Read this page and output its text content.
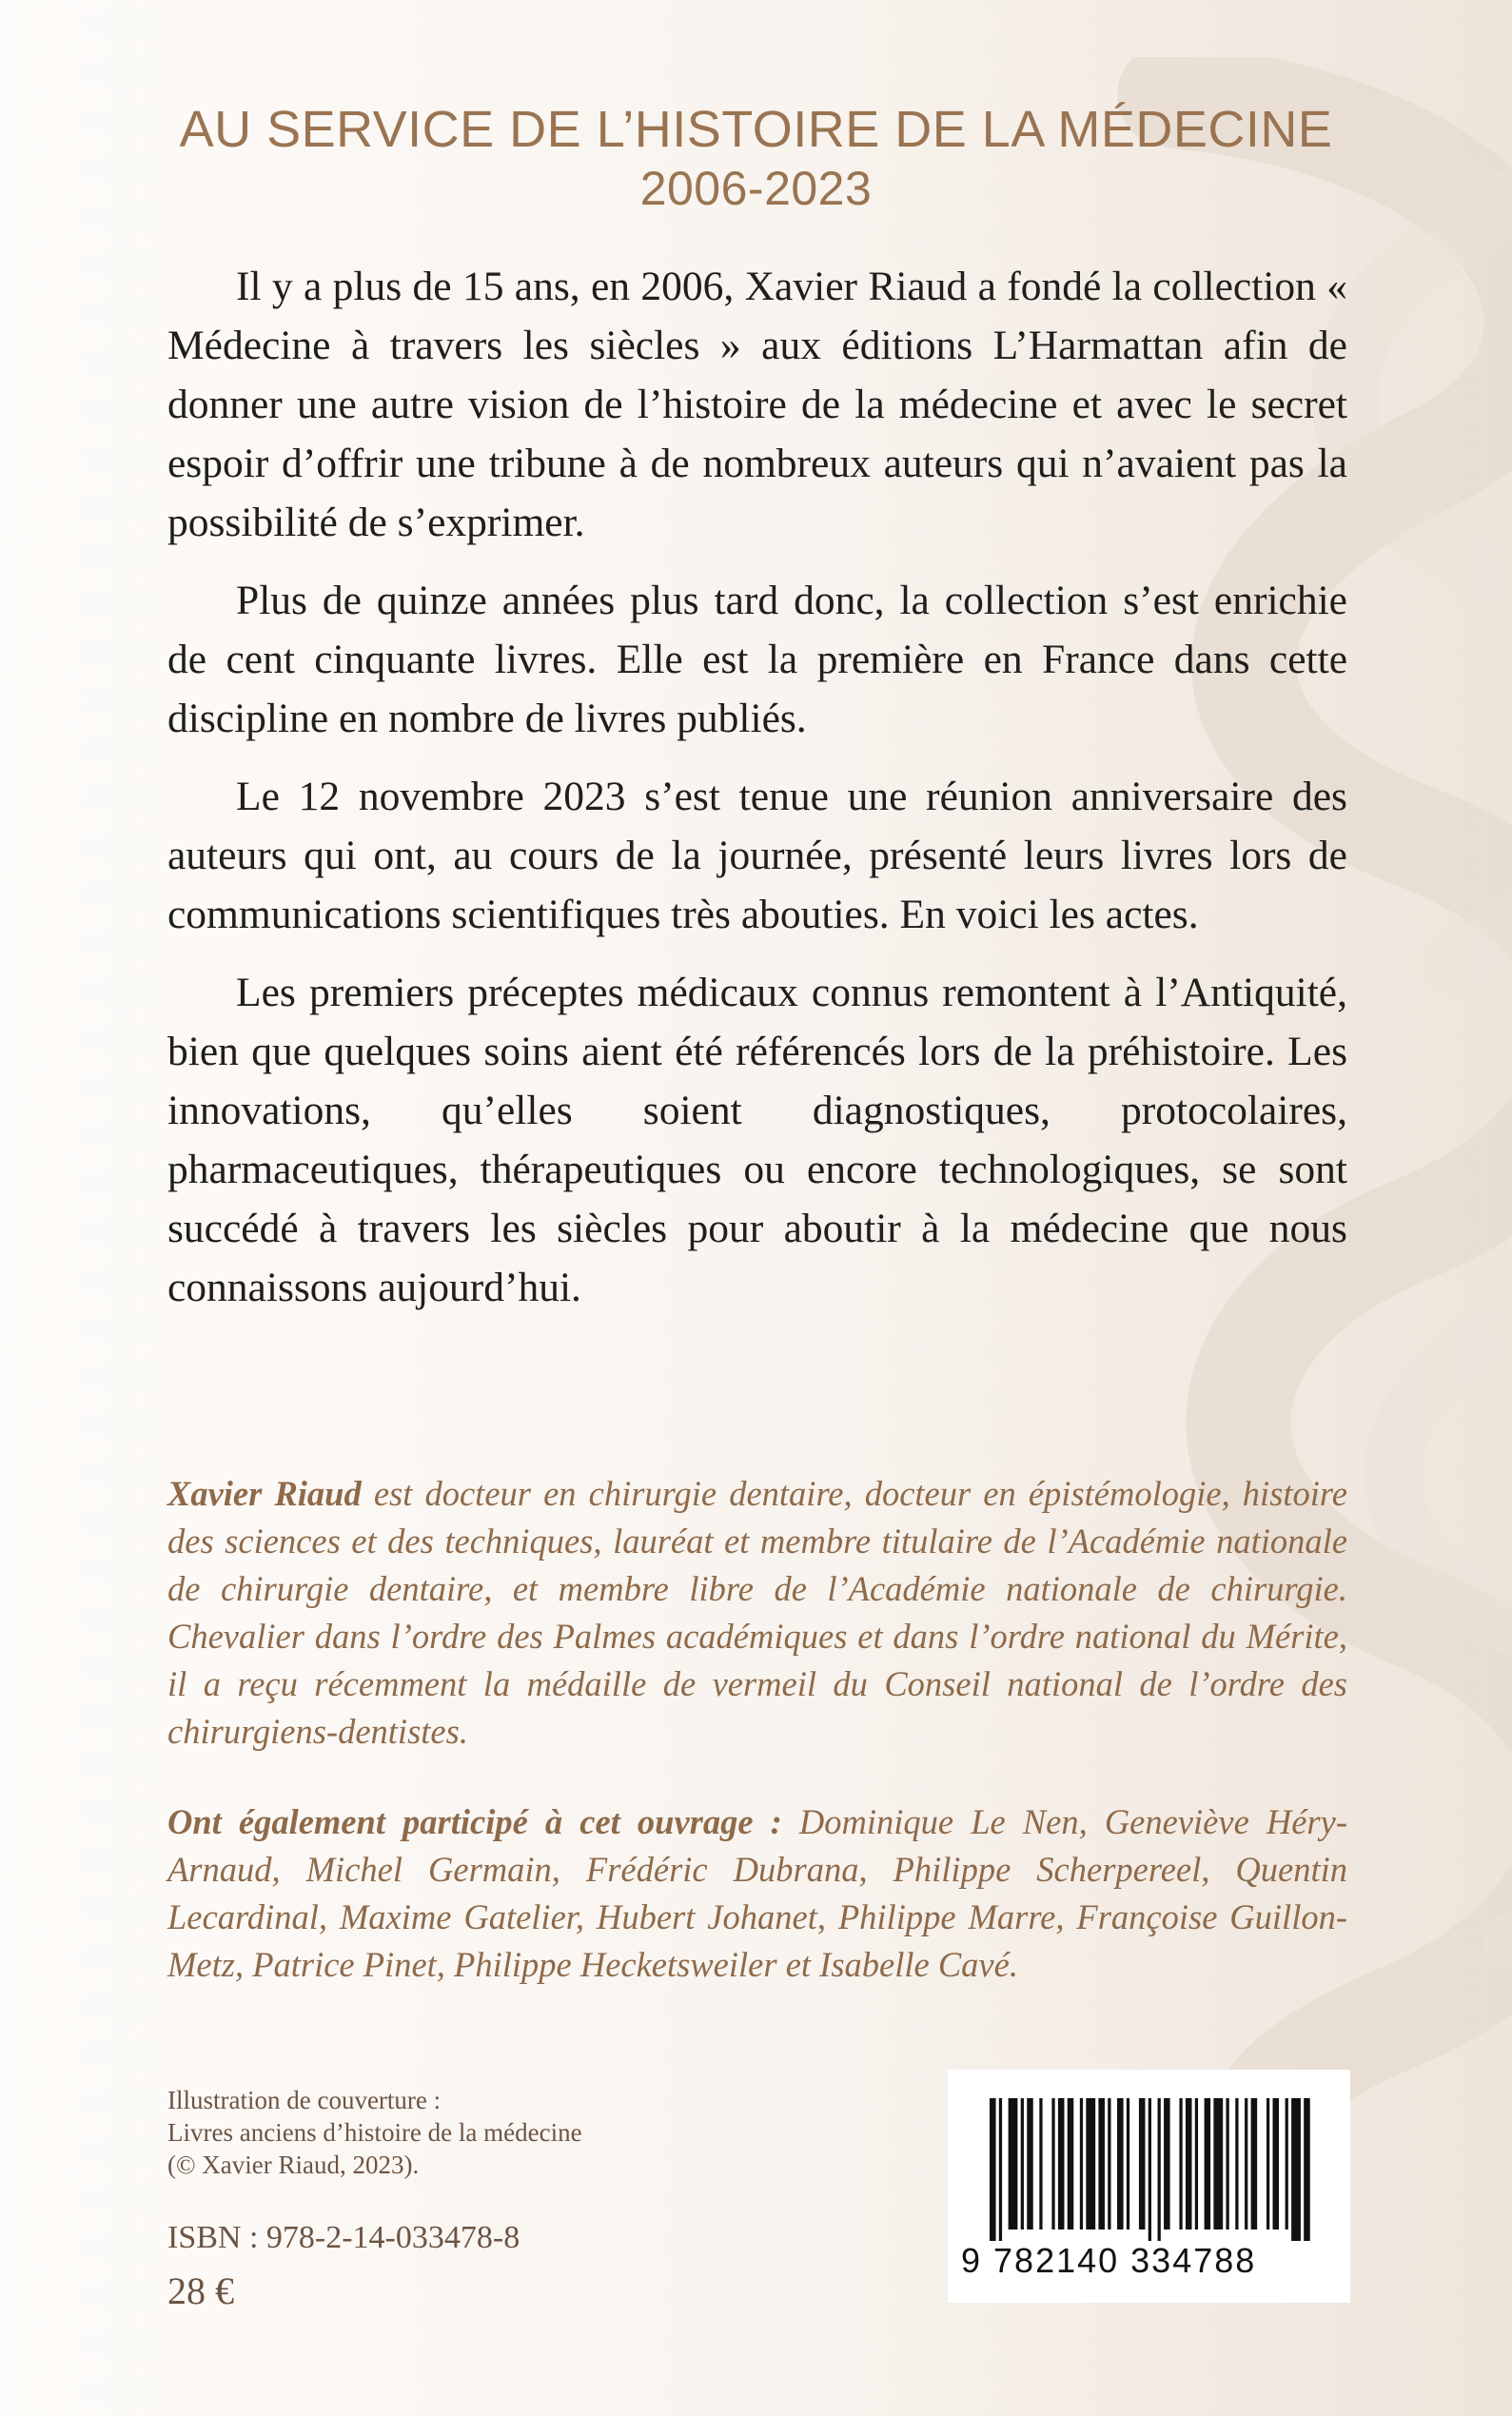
AU SERVICE DE L’HISTOIRE DE LA MÉDECINE
2006-2023

Il y a plus de 15 ans, en 2006, Xavier Riaud a fondé la collection « Médecine à travers les siècles » aux éditions L’Harmattan afin de donner une autre vision de l’histoire de la médecine et avec le secret espoir d’offrir une tribune à de nombreux auteurs qui n’avaient pas la possibilité de s’exprimer.

Plus de quinze années plus tard donc, la collection s’est enrichie de cent cinquante livres. Elle est la première en France dans cette discipline en nombre de livres publiés.

Le 12 novembre 2023 s’est tenue une réunion anniversaire des auteurs qui ont, au cours de la journée, présenté leurs livres lors de communications scientifiques très abouties. En voici les actes.

Les premiers préceptes médicaux connus remontent à l’Antiquité, bien que quelques soins aient été référencés lors de la préhistoire. Les innovations, qu’elles soient diagnostiques, protocolaires, pharmaceutiques, thérapeutiques ou encore technologiques, se sont succédé à travers les siècles pour aboutir à la médecine que nous connaissons aujourd’hui.

Xavier Riaud est docteur en chirurgie dentaire, docteur en épistémologie, histoire des sciences et des techniques, lauréat et membre titulaire de l’Académie nationale de chirurgie dentaire, et membre libre de l’Académie nationale de chirurgie. Chevalier dans l’ordre des Palmes académiques et dans l’ordre national du Mérite, il a reçu récemment la médaille de vermeil du Conseil national de l’ordre des chirurgiens-dentistes.

Ont également participé à cet ouvrage : Dominique Le Nen, Geneviève Héry-Arnaud, Michel Germain, Frédéric Dubrana, Philippe Scherpereel, Quentin Lecardinal, Maxime Gatelier, Hubert Johanet, Philippe Marre, Françoise Guillon-Metz, Patrice Pinet, Philippe Hecketsweiler et Isabelle Cavé.

Illustration de couverture :
Livres anciens d’histoire de la médecine
(© Xavier Riaud, 2023).
ISBN : 978-2-14-033478-8
28 €
9 782140 334788
